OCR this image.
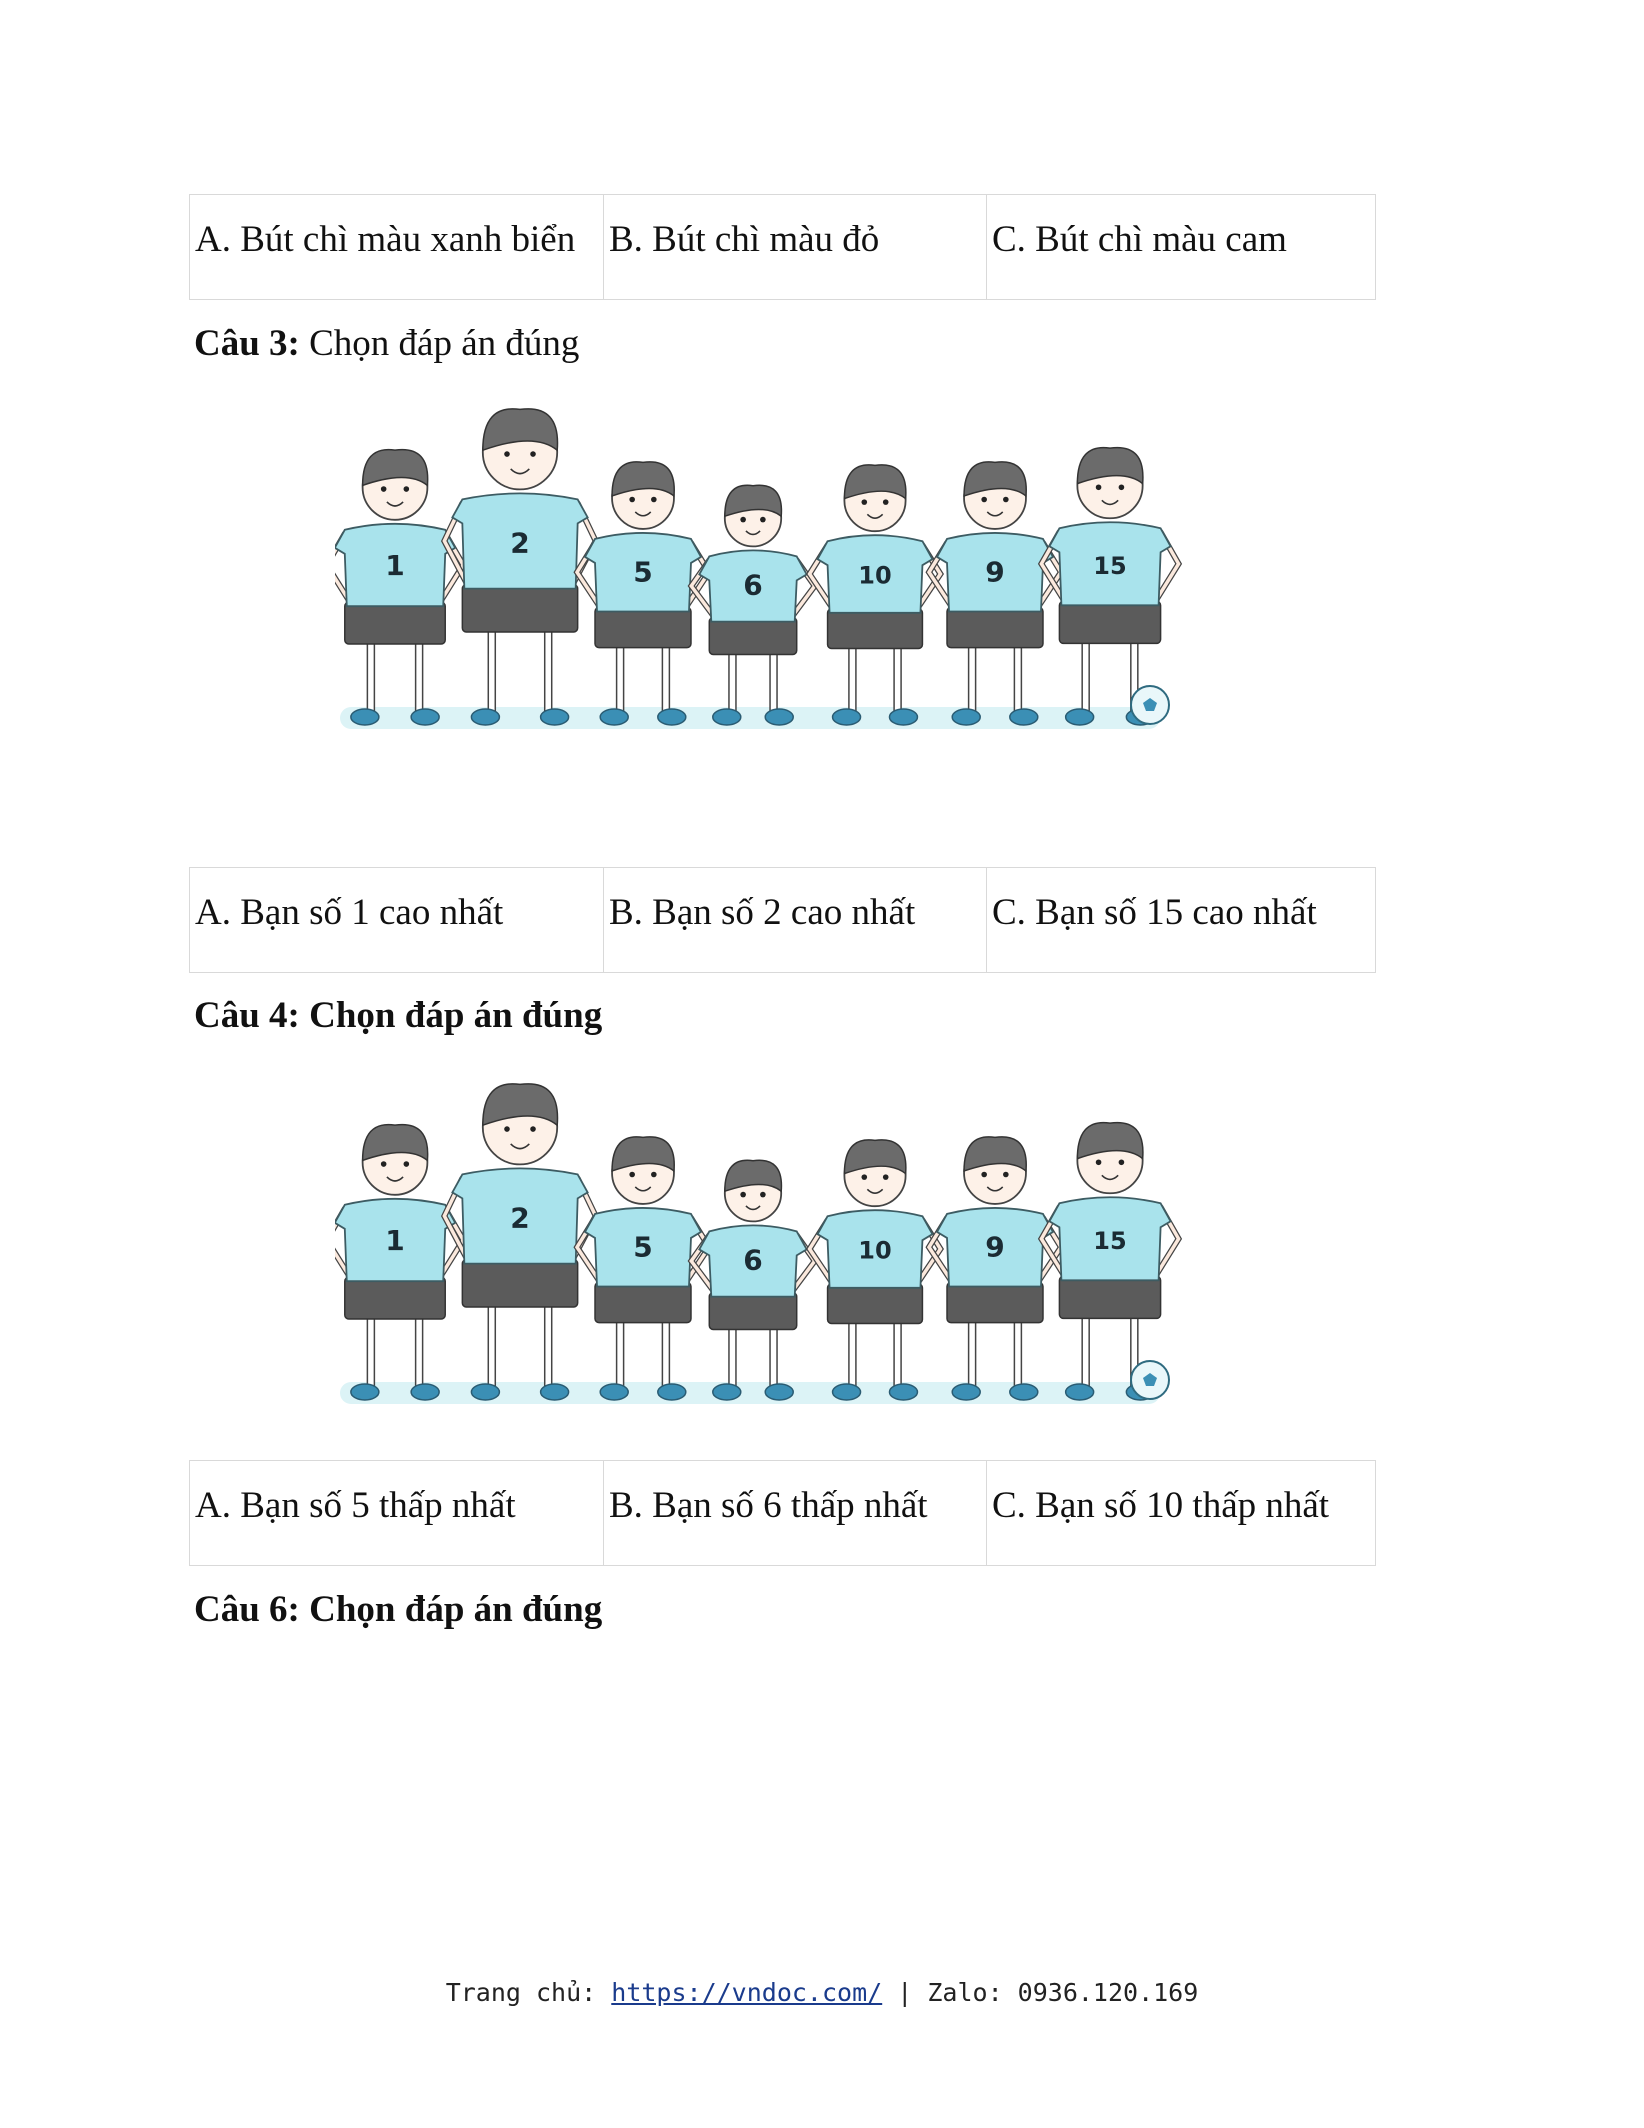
A. Bút chì màu xanh biển	B. Bút chì màu đỏ	C. Bút chì màu cam

Câu 3: Chọn đáp án đúng

1
2
5	6	10	9	15
A. Bạn số 1 cao nhất	B. Bạn số 2 cao nhất	C. Bạn số 15 cao nhất

Câu 4: Chọn đáp án đúng

1
2
5	6	10	9	15
A. Bạn số 5 thấp nhất	B. Bạn số 6 thấp nhất	C. Bạn số 10 thấp nhất

Câu 6: Chọn đáp án đúng

Trang chủ: https://vndoc.com/ | Zalo: 0936.120.169
